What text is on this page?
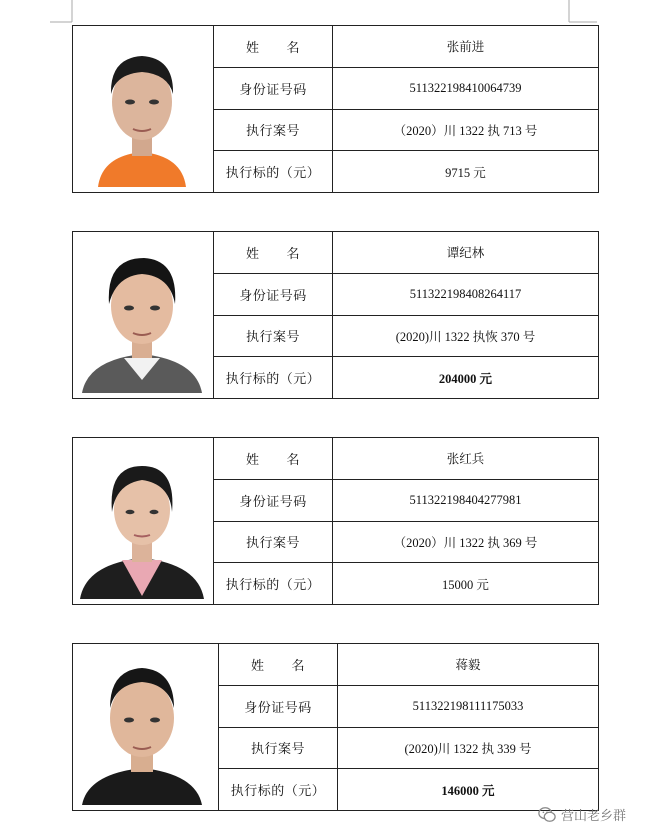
姓　　名	张前进
身份证号码	511322198410064739
执行案号	（2020）川 1322 执 713 号
执行标的（元）	9715 元
姓　　名	谭纪林
身份证号码	511322198408264117
执行案号	(2020)川 1322 执恢 370 号
执行标的（元）	204000 元
姓　　名	张红兵
身份证号码	511322198404277981
执行案号	（2020）川 1322 执 369 号
执行标的（元）	15000 元
姓　　名	蒋毅
身份证号码	511322198111175033
执行案号	(2020)川 1322 执 339 号
执行标的（元）	146000 元
营山老乡群
